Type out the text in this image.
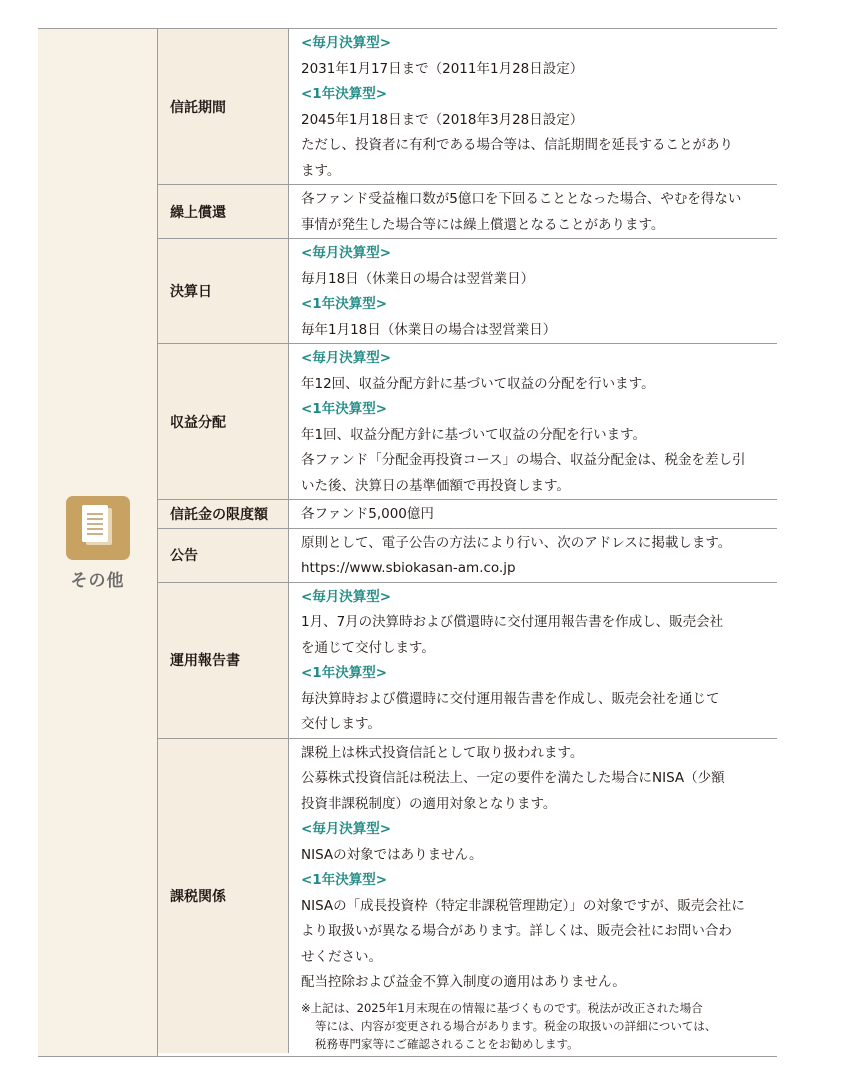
その他
信託期間
<毎月決算型>
2031年1月17日まで（2011年1月28日設定）
<1年決算型>
2045年1月18日まで（2018年3月28日設定）
ただし、投資者に有利である場合等は、信託期間を延長することがあり
ます。
繰上償還
各ファンド受益権口数が5億口を下回ることとなった場合、やむを得ない
事情が発生した場合等には繰上償還となることがあります。
決算日
<毎月決算型>
毎月18日（休業日の場合は翌営業日）
<1年決算型>
毎年1月18日（休業日の場合は翌営業日）
収益分配
<毎月決算型>
年12回、収益分配方針に基づいて収益の分配を行います。
<1年決算型>
年1回、収益分配方針に基づいて収益の分配を行います。
各ファンド「分配金再投資コース」の場合、収益分配金は、税金を差し引
いた後、決算日の基準価額で再投資します。
信託金の限度額	各ファンド5,000億円
公告
原則として、電子公告の方法により行い、次のアドレスに掲載します。
https://www.sbiokasan-am.co.jp
運用報告書
<毎月決算型>
1月、7月の決算時および償還時に交付運用報告書を作成し、販売会社
を通じて交付します。
<1年決算型>
毎決算時および償還時に交付運用報告書を作成し、販売会社を通じて
交付します。
課税関係
課税上は株式投資信託として取り扱われます。
公募株式投資信託は税法上、一定の要件を満たした場合にNISA（少額
投資非課税制度）の適用対象となります。
<毎月決算型>
NISAの対象ではありません。
<1年決算型>
NISAの「成長投資枠（特定非課税管理勘定）」の対象ですが、販売会社に
より取扱いが異なる場合があります。詳しくは、販売会社にお問い合わ
せください。
配当控除および益金不算入制度の適用はありません。
※上記は、2025年1月末現在の情報に基づくものです。税法が改正された場合
等には、内容が変更される場合があります。税金の取扱いの詳細については、
税務専門家等にご確認されることをお勧めします。
